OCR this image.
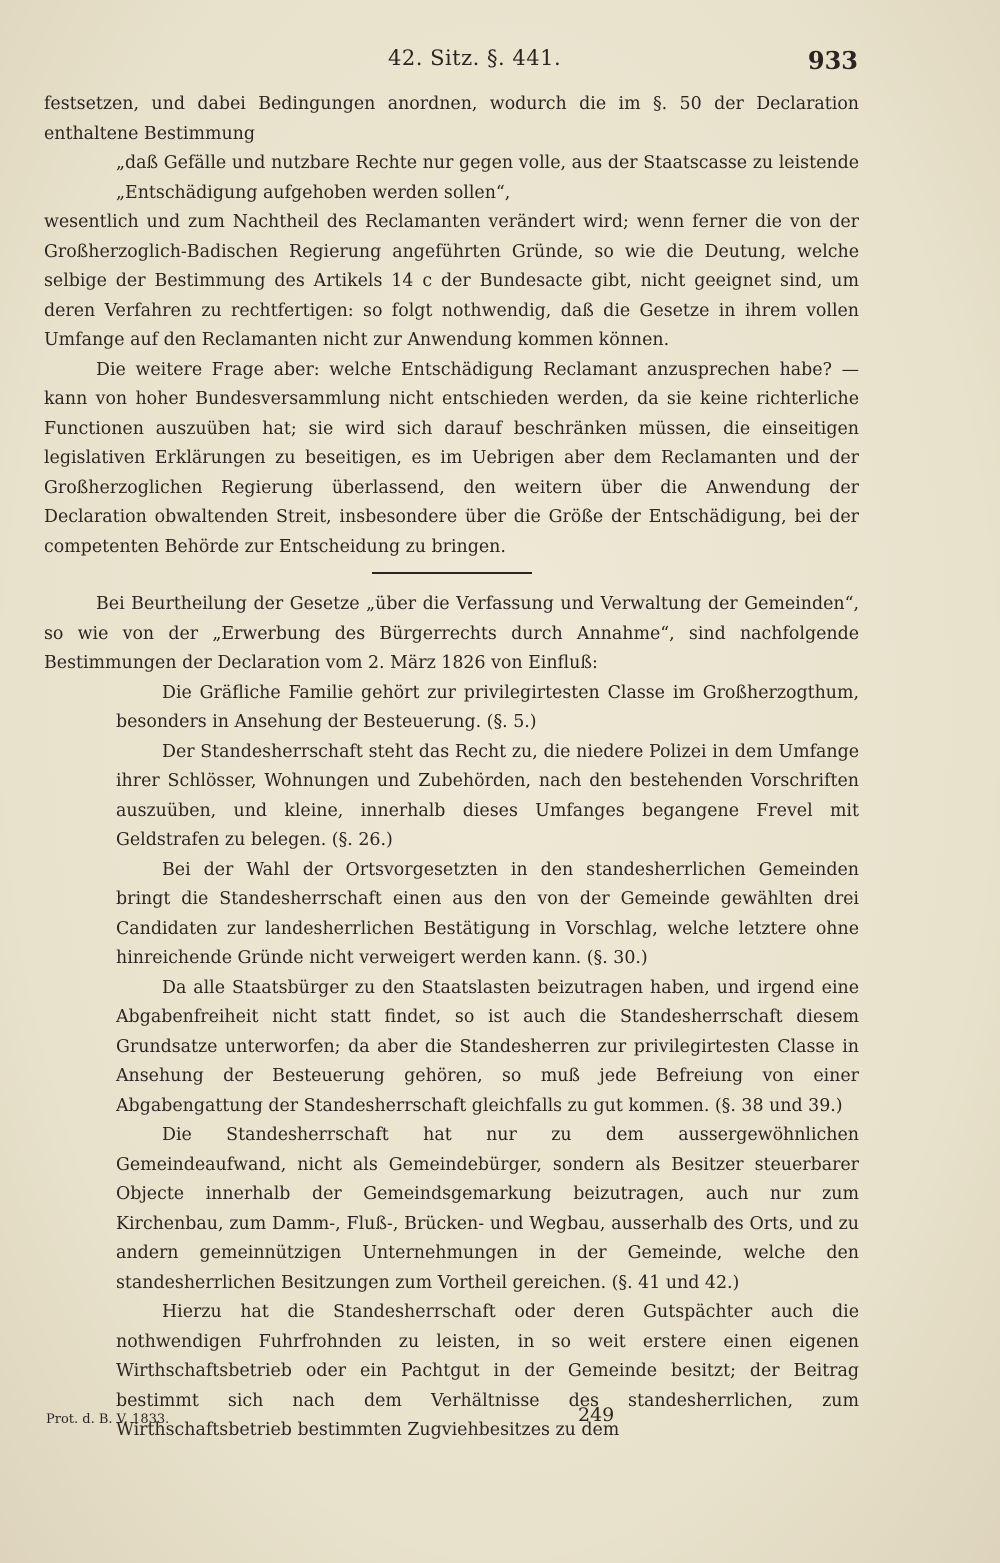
42. Sitz. §. 441.	933

festsetzen, und dabei Bedingungen anordnen, wodurch die im §. 50 der Declaration enthaltene Bestimmung

„daß Gefälle und nutzbare Rechte nur gegen volle, aus der Staatscasse zu leistende „Entschädigung aufgehoben werden sollen“,

wesentlich und zum Nachtheil des Reclamanten verändert wird; wenn ferner die von der Großherzoglich-Badischen Regierung angeführten Gründe, so wie die Deutung, welche selbige der Bestimmung des Artikels 14 c der Bundesacte gibt, nicht geeignet sind, um deren Verfahren zu rechtfertigen: so folgt nothwendig, daß die Gesetze in ihrem vollen Umfange auf den Reclamanten nicht zur Anwendung kommen können.

Die weitere Frage aber: welche Entschädigung Reclamant anzusprechen habe? — kann von hoher Bundesversammlung nicht entschieden werden, da sie keine richterliche Functionen auszuüben hat; sie wird sich darauf beschränken müssen, die einseitigen legislativen Erklärungen zu beseitigen, es im Uebrigen aber dem Reclamanten und der Großherzoglichen Regierung überlassend, den weitern über die Anwendung der Declaration obwaltenden Streit, insbesondere über die Größe der Entschädigung, bei der competenten Behörde zur Entscheidung zu bringen.

Bei Beurtheilung der Gesetze „über die Verfassung und Verwaltung der Gemeinden“, so wie von der „Erwerbung des Bürgerrechts durch Annahme“, sind nachfolgende Bestimmungen der Declaration vom 2. März 1826 von Einfluß:

Die Gräfliche Familie gehört zur privilegirtesten Classe im Großherzogthum, besonders in Ansehung der Besteuerung. (§. 5.)

Der Standesherrschaft steht das Recht zu, die niedere Polizei in dem Umfange ihrer Schlösser, Wohnungen und Zubehörden, nach den bestehenden Vorschriften auszuüben, und kleine, innerhalb dieses Umfanges begangene Frevel mit Geldstrafen zu belegen. (§. 26.)

Bei der Wahl der Ortsvorgesetzten in den standesherrlichen Gemeinden bringt die Standesherrschaft einen aus den von der Gemeinde gewählten drei Candidaten zur landesherrlichen Bestätigung in Vorschlag, welche letztere ohne hinreichende Gründe nicht verweigert werden kann. (§. 30.)

Da alle Staatsbürger zu den Staatslasten beizutragen haben, und irgend eine Abgabenfreiheit nicht statt findet, so ist auch die Standesherrschaft diesem Grundsatze unterworfen; da aber die Standesherren zur privilegirtesten Classe in Ansehung der Besteuerung gehören, so muß jede Befreiung von einer Abgabengattung der Standesherrschaft gleichfalls zu gut kommen. (§. 38 und 39.)

Die Standesherrschaft hat nur zu dem aussergewöhnlichen Gemeindeaufwand, nicht als Gemeindebürger, sondern als Besitzer steuerbarer Objecte innerhalb der Gemeindsgemarkung beizutragen, auch nur zum Kirchenbau, zum Damm-, Fluß-, Brücken- und Wegbau, ausserhalb des Orts, und zu andern gemeinnützigen Unternehmungen in der Gemeinde, welche den standesherrlichen Besitzungen zum Vortheil gereichen. (§. 41 und 42.)

Hierzu hat die Standesherrschaft oder deren Gutspächter auch die nothwendigen Fuhrfrohnden zu leisten, in so weit erstere einen eigenen Wirthschaftsbetrieb oder ein Pachtgut in der Gemeinde besitzt; der Beitrag bestimmt sich nach dem Verhältnisse des standesherrlichen, zum Wirthschaftsbetrieb bestimmten Zugviehbesitzes zu dem

Prot. d. B. V. 1833.	249
